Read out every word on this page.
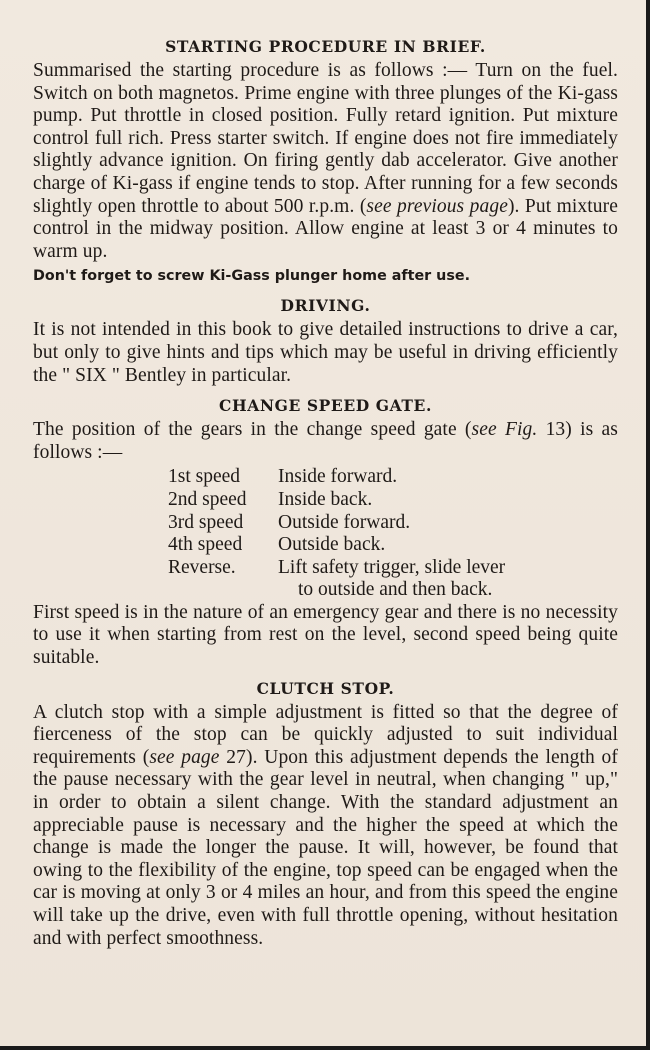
STARTING PROCEDURE IN BRIEF.

Summarised the starting procedure is as follows :— Turn on the fuel. Switch on both magnetos. Prime engine with three plunges of the Ki-gass pump. Put throttle in closed position. Fully retard ignition. Put mixture control full rich. Press starter switch. If engine does not fire immediately slightly advance ignition. On firing gently dab accelerator. Give another charge of Ki-gass if engine tends to stop. After running for a few seconds slightly open throttle to about 500 r.p.m. (see previous page). Put mixture control in the midway position. Allow engine at least 3 or 4 minutes to warm up.

Don't forget to screw Ki-Gass plunger home after use.
DRIVING.

It is not intended in this book to give detailed instructions to drive a car, but only to give hints and tips which may be useful in driving efficiently the " SIX " Bentley in particular.

CHANGE SPEED GATE.

The position of the gears in the change speed gate (see Fig. 13) is as follows :—

1st speed	Inside forward.
2nd speed	Inside back.
3rd speed	Outside forward.
4th speed	Outside back.
Reverse.	Lift safety trigger, slide lever
to outside and then back.

First speed is in the nature of an emergency gear and there is no necessity to use it when starting from rest on the level, second speed being quite suitable.

CLUTCH STOP.

A clutch stop with a simple adjustment is fitted so that the degree of fierceness of the stop can be quickly adjusted to suit individual requirements (see page 27). Upon this adjustment depends the length of the pause necessary with the gear level in neutral, when changing " up," in order to obtain a silent change. With the standard adjustment an appreciable pause is necessary and the higher the speed at which the change is made the longer the pause. It will, however, be found that owing to the flexibility of the engine, top speed can be engaged when the car is moving at only 3 or 4 miles an hour, and from this speed the engine will take up the drive, even with full throttle opening, without hesitation and with perfect smoothness.
